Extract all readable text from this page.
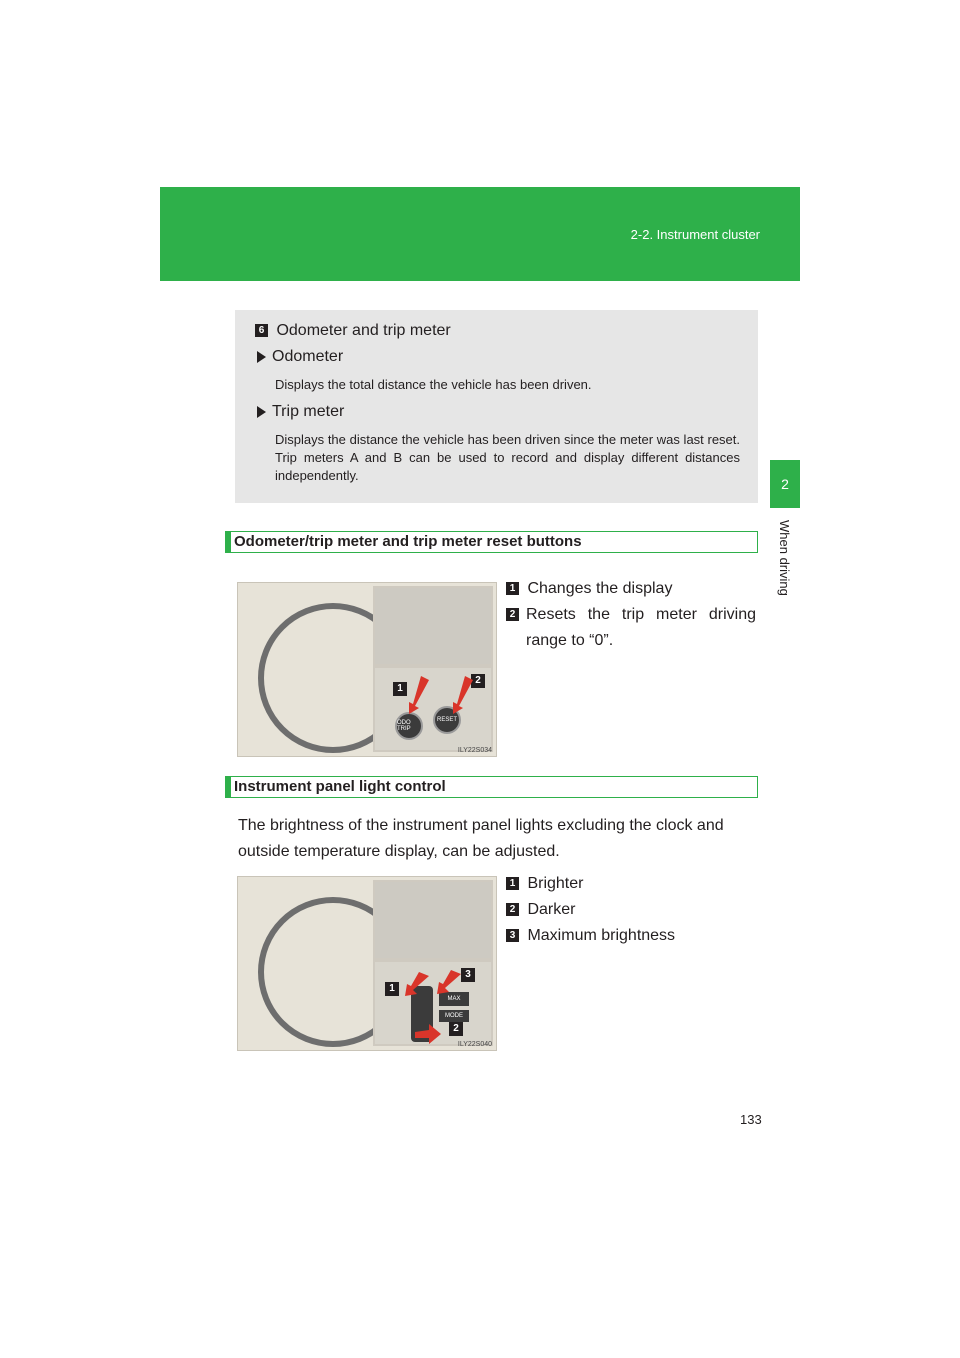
2-2. Instrument cluster
2
When driving
6 Odometer and trip meter
Odometer
Displays the total distance the vehicle has been driven.
Trip meter
Displays the distance the vehicle has been driven since the meter was last reset. Trip meters A and B can be used to record and display different distances independently.
Odometer/trip meter and trip meter reset buttons
1
2
ODO TRIP
RESET
ILY22S034
1 Changes the display
2 Resets the trip meter driving range to “0”.
Instrument panel light control
The brightness of the instrument panel lights excluding the clock and outside temperature display, can be adjusted.
1
3
2
MAX
MODE
ILY22S040
1 Brighter
2 Darker
3 Maximum brightness
133
